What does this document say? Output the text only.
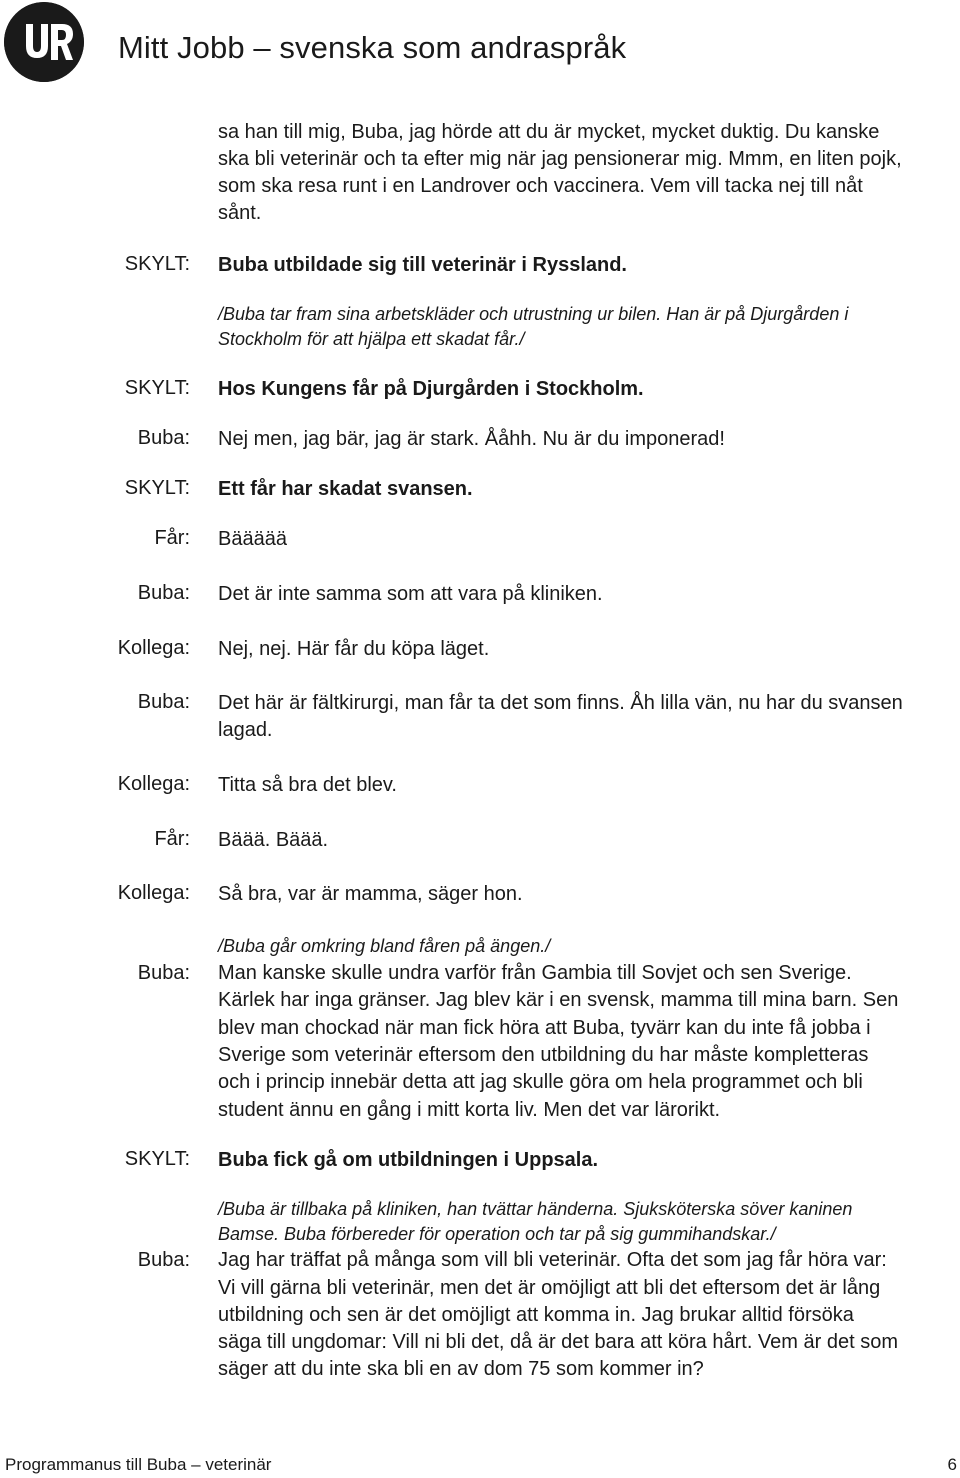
Mitt Jobb – svenska som andraspråk
sa han till mig, Buba, jag hörde att du är mycket, mycket duktig. Du kanske
ska bli veterinär och ta efter mig när jag pensionerar mig. Mmm, en liten pojk,
som ska resa runt i en Landrover och vaccinera. Vem vill tacka nej till nåt
sånt.
SKYLT: Buba utbildade sig till veterinär i Ryssland.
/Buba tar fram sina arbetskläder och utrustning ur bilen. Han är på Djurgården i
Stockholm för att hjälpa ett skadat får./
SKYLT: Hos Kungens får på Djurgården i Stockholm.
Buba: Nej men, jag bär, jag är stark. Ååhh. Nu är du imponerad!
SKYLT: Ett får har skadat svansen.
Får: Bäääää
Buba: Det är inte samma som att vara på kliniken.
Kollega: Nej, nej. Här får du köpa läget.
Buba: Det här är fältkirurgi, man får ta det som finns. Åh lilla vän, nu har du svansen
lagad.
Kollega: Titta så bra det blev.
Får: Bäää. Bäää.
Kollega: Så bra, var är mamma, säger hon.
/Buba går omkring bland fåren på ängen./
Buba: Man kanske skulle undra varför från Gambia till Sovjet och sen Sverige.
Kärlek har inga gränser. Jag blev kär i en svensk, mamma till mina barn. Sen
blev man chockad när man fick höra att Buba, tyvärr kan du inte få jobba i
Sverige som veterinär eftersom den utbildning du har måste kompletteras
och i princip innebär detta att jag skulle göra om hela programmet och bli
student ännu en gång i mitt korta liv. Men det var lärorikt.
SKYLT: Buba fick gå om utbildningen i Uppsala.
/Buba är tillbaka på kliniken, han tvättar händerna. Sjuksköterska söver kaninen
Bamse. Buba förbereder för operation och tar på sig gummihandskar./
Buba: Jag har träffat på många som vill bli veterinär. Ofta det som jag får höra var:
Vi vill gärna bli veterinär, men det är omöjligt att bli det eftersom det är lång
utbildning och sen är det omöjligt att komma in. Jag brukar alltid försöka
säga till ungdomar: Vill ni bli det, då är det bara att köra hårt. Vem är det som
säger att du inte ska bli en av dom 75 som kommer in?
Programmanus till Buba – veterinär	6
